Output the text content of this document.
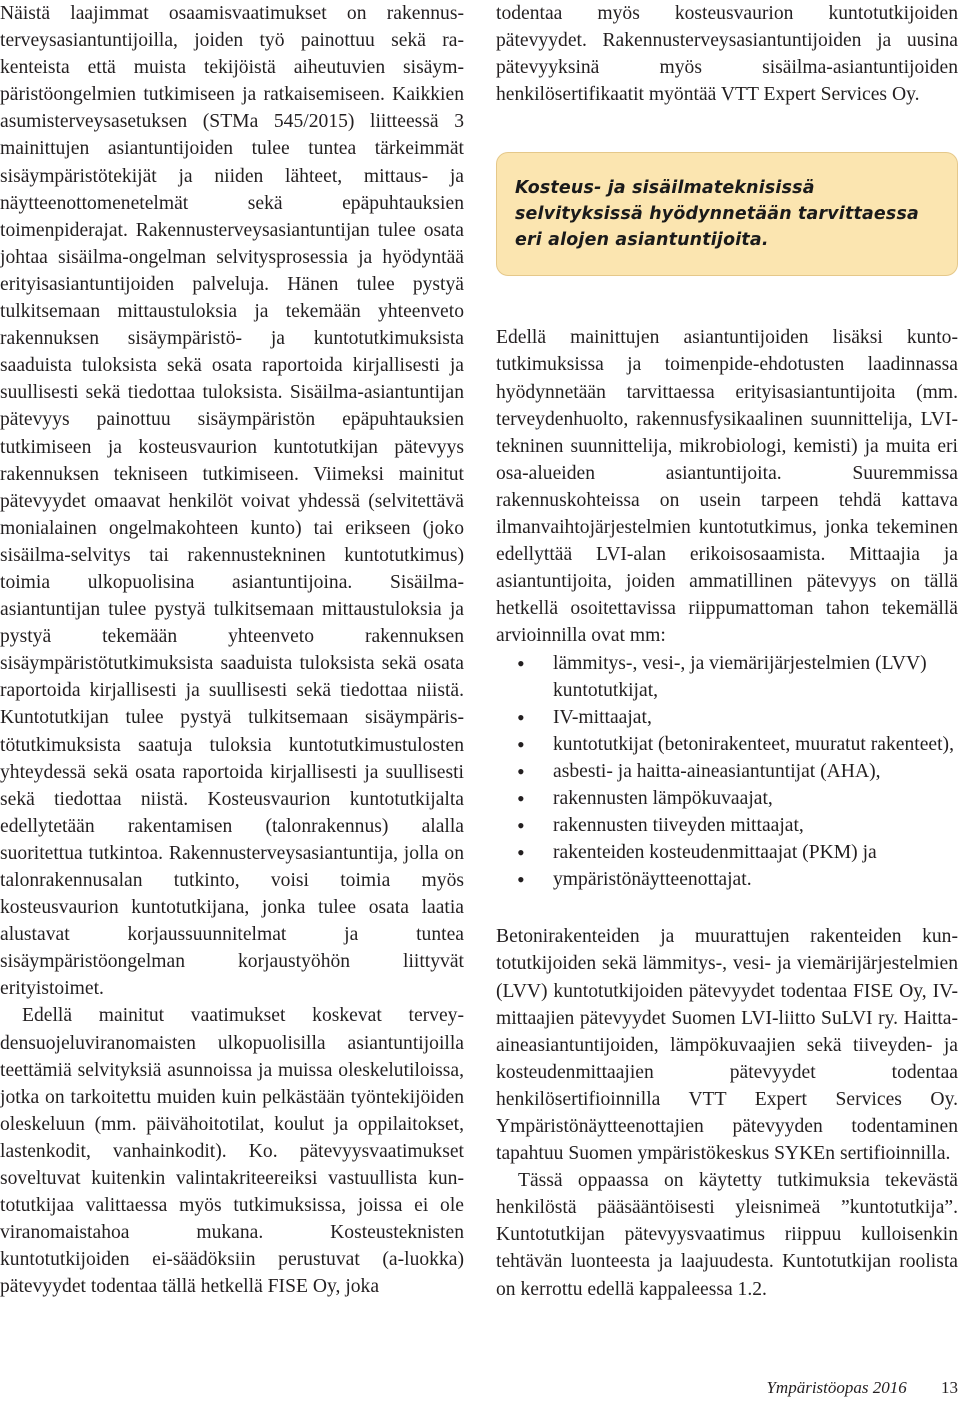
Näistä laajimmat osaamisvaatimukset on rakennusterveysasiantuntijoilla, joiden työ painottuu sekä rakenteista että muista tekijöistä aiheutuvien sisäympäristöongelmien tutkimiseen ja ratkaisemiseen. Kaikkien asumisterveysasetuksen (STMa 545/2015) liitteessä 3 mainittujen asiantuntijoiden tulee tuntea tärkeimmät sisäympäristötekijät ja niiden lähteet, mittaus- ja näytteenottomenetelmät sekä epäpuhtauksien toimenpiderajat. Rakennusterveysasiantuntijan tulee osata johtaa sisäilma-ongelman selvitysprosessia ja hyödyntää erityisasiantuntijoiden palveluja. Hänen tulee pystyä tulkitsemaan mittaustuloksia ja tekemään yhteenveto rakennuksen sisäympäristö- ja kuntotutkimuksista saaduista tuloksista sekä osata raportoida kirjallisesti ja suullisesti sekä tiedottaa tuloksista. Sisäilma-asiantuntijan pätevyys painottuu sisäympäristön epäpuhtauksien tutkimiseen ja kosteusvaurion kuntotutkijan pätevyys rakennuksen tekniseen tutkimiseen. Viimeksi mainitut pätevyydet omaavat henkilöt voivat yhdessä (selvitettävä monialainen ongelmakohteen kunto) tai erikseen (joko sisäilma-selvitys tai rakennustekninen kuntotutkimus) toimia ulkopuolisina asiantuntijoina. Sisäilma-asiantuntijan tulee pystyä tulkitsemaan mittaustuloksia ja pystyä tekemään yhteenveto rakennuksen sisäympäristötutkimuksista saaduista tuloksista sekä osata raportoida kirjallisesti ja suullisesti sekä tiedottaa niistä. Kuntotutkijan tulee pystyä tulkitsemaan sisäympäristötutkimuksista saatuja tuloksia kuntotutkimustulosten yhteydessä sekä osata raportoida kirjallisesti ja suullisesti sekä tiedottaa niistä. Kosteusvaurion kuntotutkijalta edellytetään rakentamisen (talonrakennus) alalla suoritettua tutkintoa. Rakennusterveysasiantuntija, jolla on talonrakennusalan tutkinto, voisi toimia myös kosteusvaurion kuntotutkijana, jonka tulee osata laatia alustavat korjaussuunnitelmat ja tuntea sisäympäristöongelman korjaustyöhön liittyvät erityistoimet.

Edellä mainitut vaatimukset koskevat terveydensuojeluviranomaisten ulkopuolisilla asiantuntijoilla teettämiä selvityksiä asunnoissa ja muissa oleskelutiloissa, jotka on tarkoitettu muiden kuin pelkästään työntekijöiden oleskeluun (mm. päivähoitotilat, koulut ja oppilaitokset, lastenkodit, vanhainkodit). Ko. pätevyysvaatimukset soveltuvat kuitenkin valintakriteereiksi vastuullista kuntotutkijaa valittaessa myös tutkimuksissa, joissa ei ole viranomaistahoa mukana. Kosteusteknisten kuntotutkijoiden ei-säädöksiin perustuvat (a-luokka) pätevyydet todentaa tällä hetkellä FISE Oy, joka

todentaa myös kosteusvaurion kuntotutkijoiden pätevyydet. Rakennusterveysasiantuntijoiden ja uusina pätevyyksinä myös sisäilma-asiantuntijoiden henkilösertifikaatit myöntää VTT Expert Services Oy.

Kosteus- ja sisäilmateknisissä selvityksissä hyödynnetään tarvittaessa eri alojen asiantuntijoita.

Edellä mainittujen asiantuntijoiden lisäksi kuntotutkimuksissa ja toimenpide-ehdotusten laadinnassa hyödynnetään tarvittaessa erityisasiantuntijoita (mm. terveydenhuolto, rakennusfysikaalinen suunnittelija, LVI-tekninen suunnittelija, mikrobiologi, kemisti) ja muita eri osa-alueiden asiantuntijoita. Suuremmissa rakennuskohteissa on usein tarpeen tehdä kattava ilmanvaihtojärjestelmien kuntotutkimus, jonka tekeminen edellyttää LVI-alan erikoisosaamista. Mittaajia ja asiantuntijoita, joiden ammatillinen pätevyys on tällä hetkellä osoitettavissa riippumattoman tahon tekemällä arvioinnilla ovat mm:

• lämmitys-, vesi-, ja viemärijärjestelmien (LVV) kuntotutkijat,
• IV-mittaajat,
• kuntotutkijat (betonirakenteet, muuratut rakenteet),
• asbesti- ja haitta-aineasiantuntijat (AHA),
• rakennusten lämpökuvaajat,
• rakennusten tiiveyden mittaajat,
• rakenteiden kosteudenmittaajat (PKM) ja
• ympäristönäytteenottajat.

Betonirakenteiden ja muurattujen rakenteiden kuntotutkijoiden sekä lämmitys-, vesi- ja viemärijärjestelmien (LVV) kuntotutkijoiden pätevyydet todentaa FISE Oy, IV-mittaajien pätevyydet Suomen LVI-liitto SuLVI ry. Haitta-aineasiantuntijoiden, lämpökuvaajien sekä tiiveyden- ja kosteudenmittaajien pätevyydet todentaa henkilösertifioinnilla VTT Expert Services Oy. Ympäristönäytteenottajien pätevyyden todentaminen tapahtuu Suomen ympäristökeskus SYKEn sertifioinnilla.

Tässä oppaassa on käytetty tutkimuksia tekevästä henkilöstä pääsääntöisesti yleisnimeä ”kuntotutkija”. Kuntotutkijan pätevyysvaatimus riippuu kulloisenkin tehtävän luonteesta ja laajuudesta. Kuntotutkijan roolista on kerrottu edellä kappaleessa 1.2.

Ympäristöopas 2016 13
